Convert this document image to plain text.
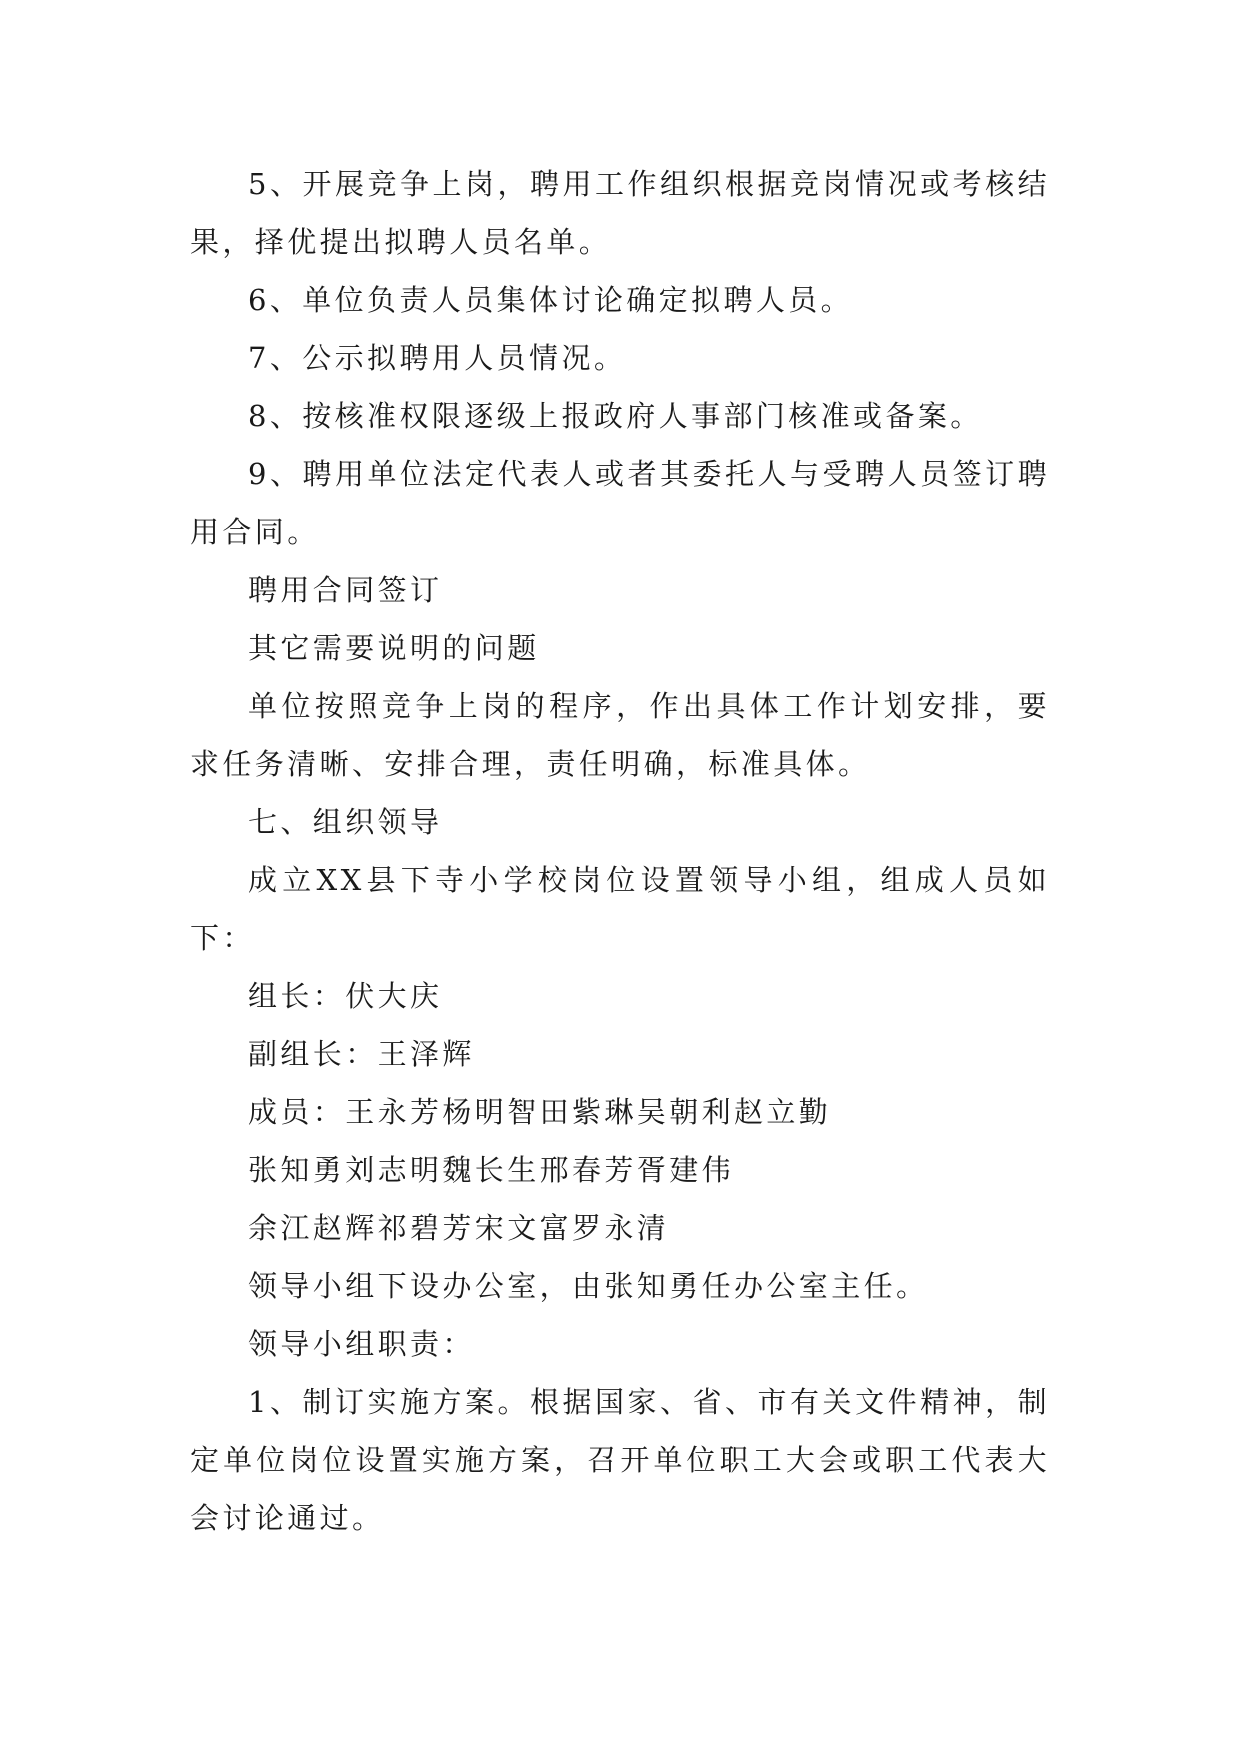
5、开展竞争上岗，聘用工作组织根据竞岗情况或考核结果，择优提出拟聘人员名单。

6、单位负责人员集体讨论确定拟聘人员。

7、公示拟聘用人员情况。

8、按核准权限逐级上报政府人事部门核准或备案。

9、聘用单位法定代表人或者其委托人与受聘人员签订聘用合同。

聘用合同签订

其它需要说明的问题

单位按照竞争上岗的程序，作出具体工作计划安排，要求任务清晰、安排合理，责任明确，标准具体。

七、组织领导

成立XX县下寺小学校岗位设置领导小组，组成人员如下：

组长：伏大庆

副组长：王泽辉

成员：王永芳杨明智田紫琳吴朝利赵立勤

张知勇刘志明魏长生邢春芳胥建伟

余江赵辉祁碧芳宋文富罗永清

领导小组下设办公室，由张知勇任办公室主任。

领导小组职责：

1、制订实施方案。根据国家、省、市有关文件精神，制定单位岗位设置实施方案，召开单位职工大会或职工代表大会讨论通过。
